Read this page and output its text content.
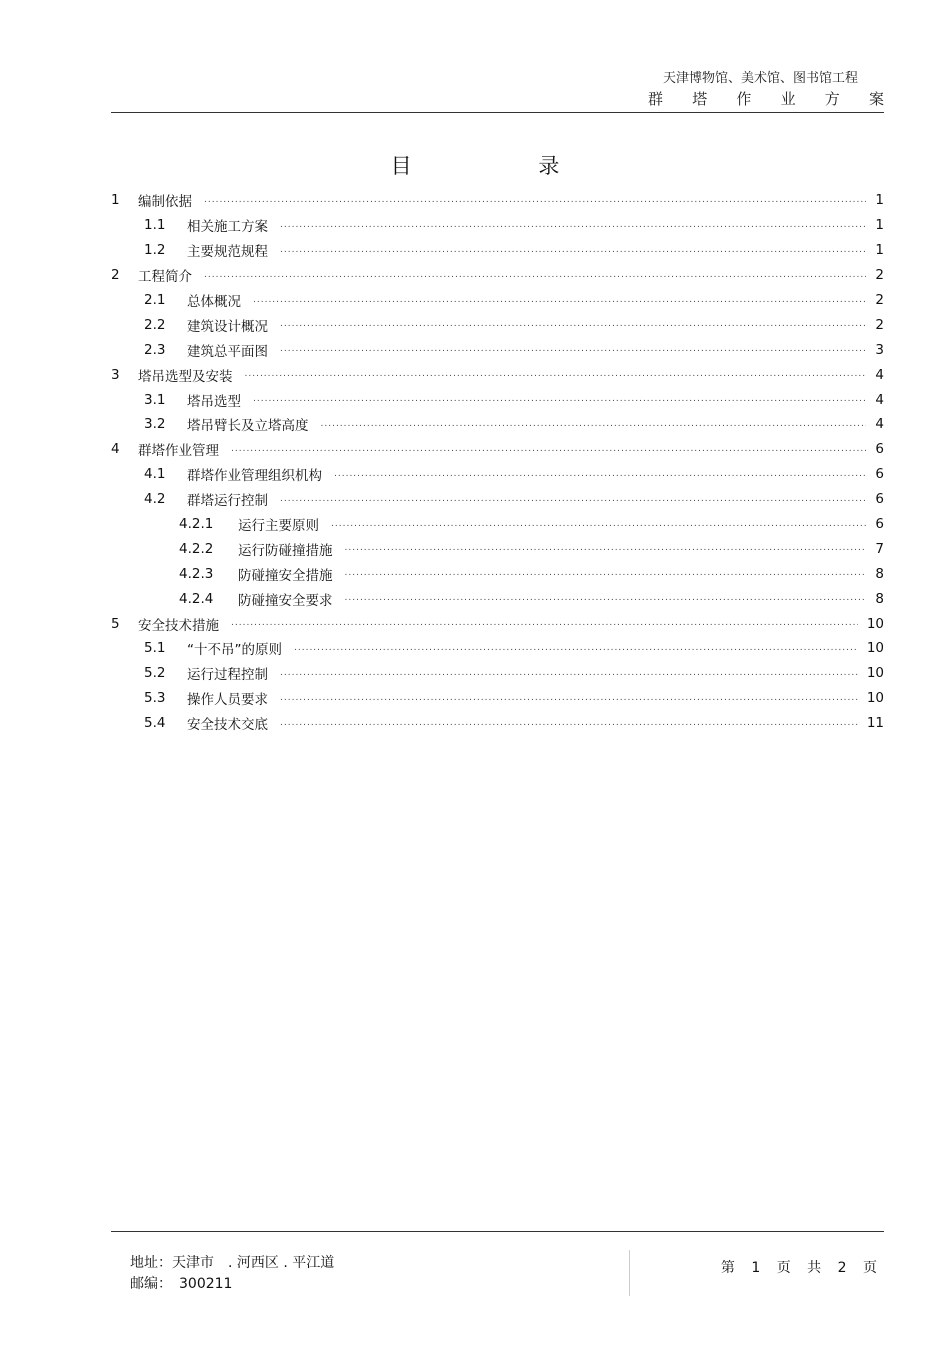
天津博物馆、美术馆、图书馆工程
群 塔 作 业 方 案
目 录
1	编制依据 .....	1
1.1	相关施工方案 .....	1
1.2	主要规范规程 .....	1
2	工程简介 .....	2
2.1	总体概况 .....	2
2.2	建筑设计概况 .....	2
2.3	建筑总平面图 .....	3
3	塔吊选型及安装 .....	4
3.1	塔吊选型 .....	4
3.2	塔吊臂长及立塔高度 .....	4
4	群塔作业管理 .....	6
4.1	群塔作业管理组织机构 .....	6
4.2	群塔运行控制 .....	6
4.2.1	运行主要原则 .....	6
4.2.2	运行防碰撞措施 .....	7
4.2.3	防碰撞安全措施 .....	8
4.2.4	防碰撞安全要求 .....	8
5	安全技术措施 .....	10
5.1	“十不吊”的原则 .....	10
5.2	运行过程控制 .....	10
5.3	操作人员要求 .....	10
5.4	安全技术交底 .....	11
地址：天津市　. 河西区 . 平江道
邮编：　300211
第 1 页 共 2 页
